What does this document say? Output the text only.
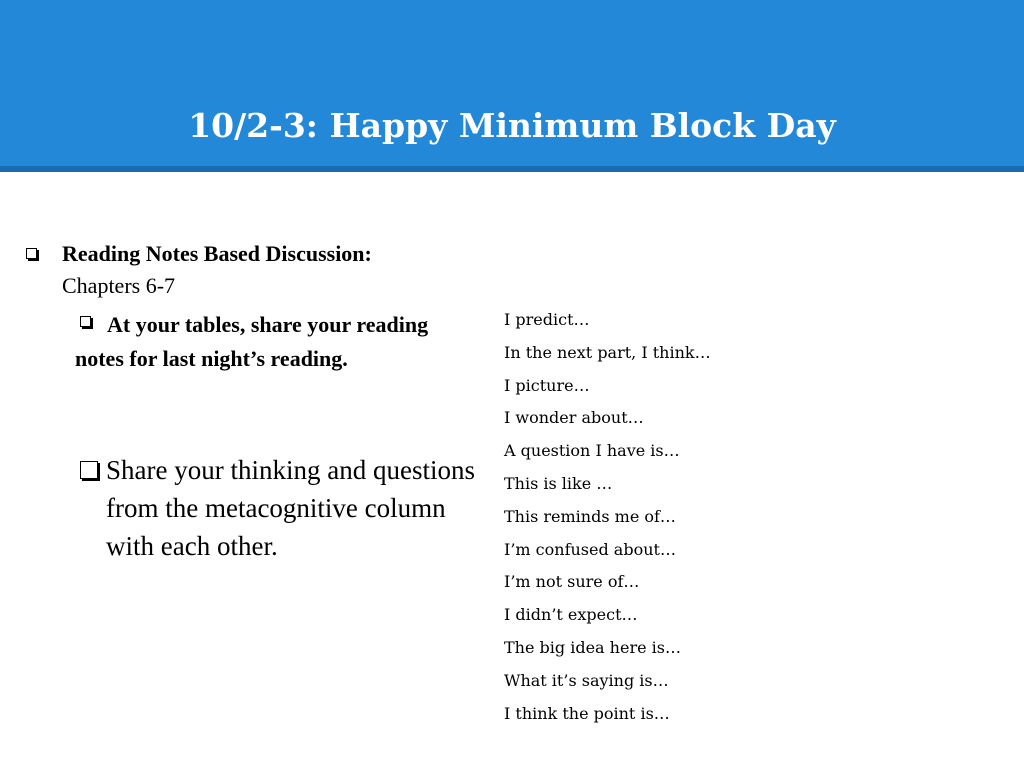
10/2-3: Happy Minimum Block Day

Reading Notes Based Discussion:

Chapters 6-7

At your tables, share your reading notes for last night’s reading.

Share your thinking and questions from the metacognitive column with each other.

I predict…
In the next part, I think…
I picture…
I wonder about…
A question I have is…
This is like …
This reminds me of…
I’m confused about…
I’m not sure of…
I didn’t expect…
The big idea here is…
What it’s saying is…
I think the point is…
